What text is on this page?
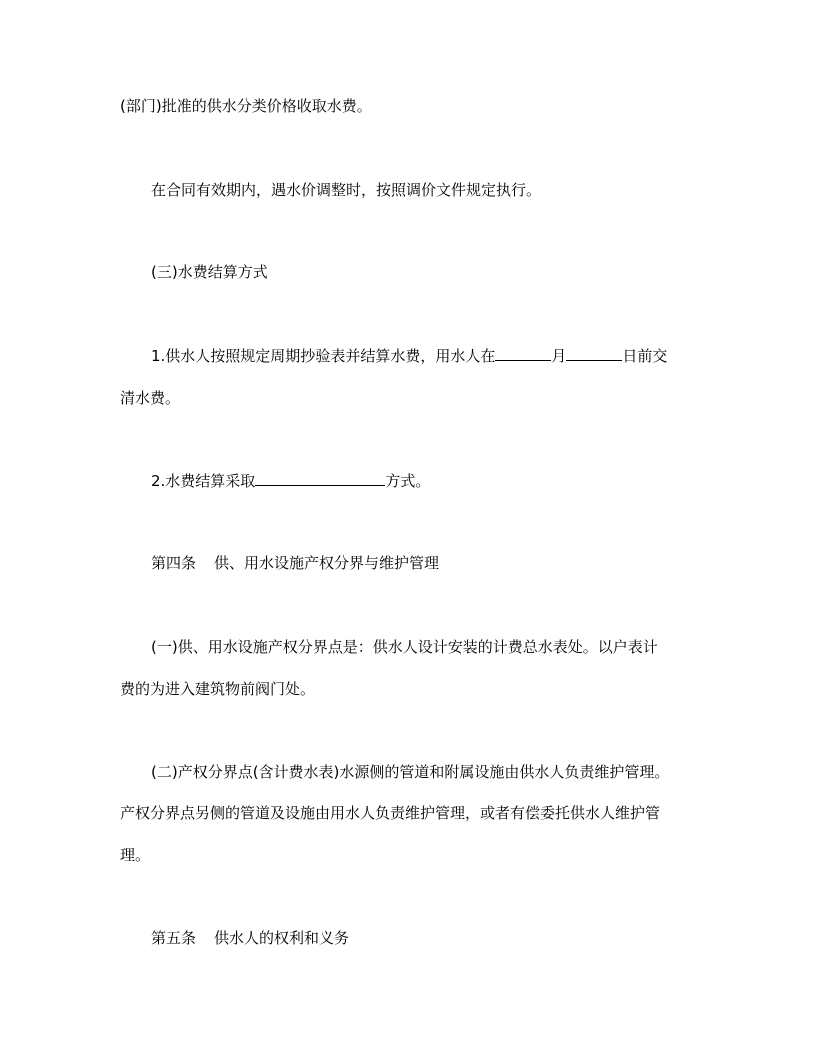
(部门)批准的供水分类价格收取水费。
在合同有效期内，遇水价调整时，按照调价文件规定执行。
(三)水费结算方式
1.供水人按照规定周期抄验表并结算水费，用水人在	月	日前交
清水费。
2.水费结算采取	方式。
第四条 供、用水设施产权分界与维护管理
(一)供、用水设施产权分界点是：供水人设计安装的计费总水表处。以户表计
费的为进入建筑物前阀门处。
(二)产权分界点(含计费水表)水源侧的管道和附属设施由供水人负责维护管理。
产权分界点另侧的管道及设施由用水人负责维护管理，或者有偿委托供水人维护管
理。
第五条 供水人的权利和义务
